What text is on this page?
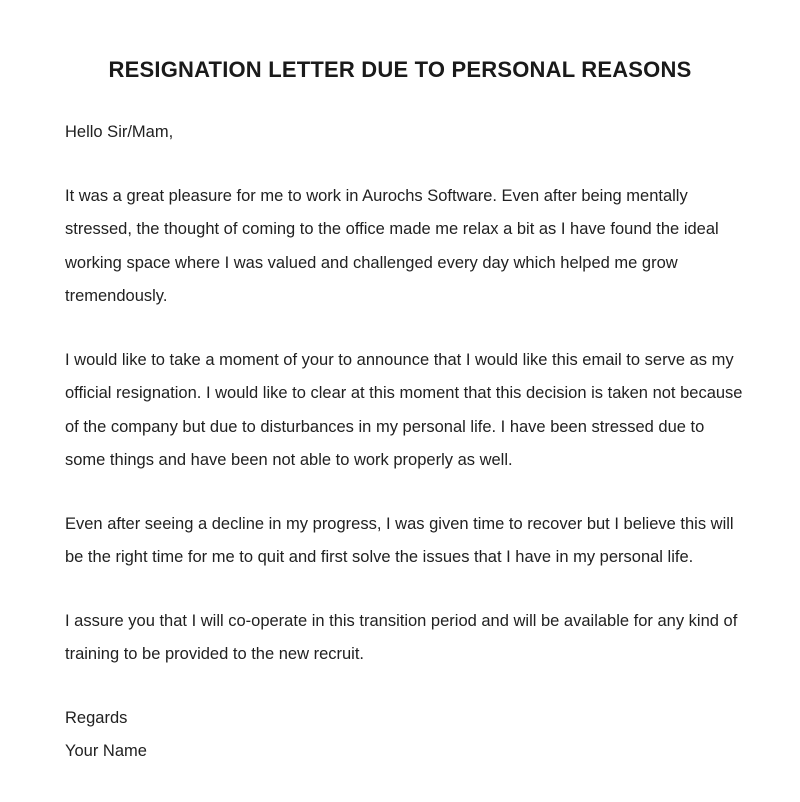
RESIGNATION LETTER DUE TO PERSONAL REASONS

Hello Sir/Mam,

It was a great pleasure for me to work in Aurochs Software. Even after being mentally stressed, the thought of coming to the office made me relax a bit as I have found the ideal working space where I was valued and challenged every day which helped me grow tremendously.

I would like to take a moment of your to announce that I would like this email to serve as my official resignation. I would like to clear at this moment that this decision is taken not because of the company but due to disturbances in my personal life. I have been stressed due to some things and have been not able to work properly as well.

Even after seeing a decline in my progress, I was given time to recover but I believe this will be the right time for me to quit and first solve the issues that I have in my personal life.

I assure you that I will co-operate in this transition period and will be available for any kind of training to be provided to the new recruit.

Regards

Your Name
